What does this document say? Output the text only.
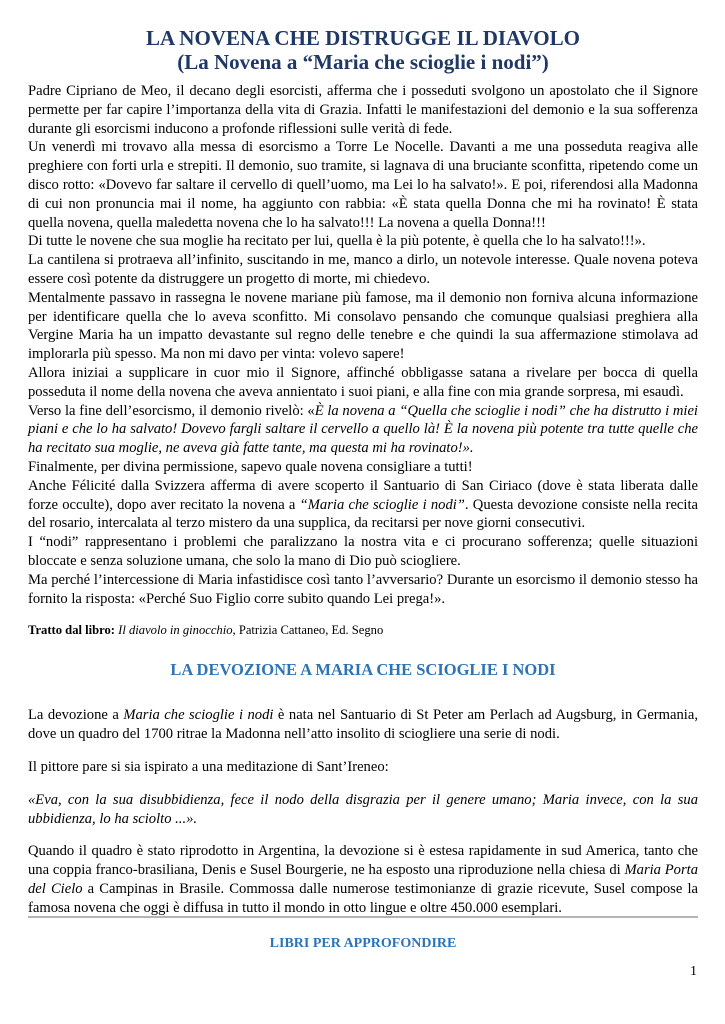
LA NOVENA CHE DISTRUGGE IL DIAVOLO
(La Novena a “Maria che scioglie i nodi”)

Padre Cipriano de Meo, il decano degli esorcisti, afferma che i posseduti svolgono un apostolato che il Signore permette per far capire l’importanza della vita di Grazia. Infatti le manifestazioni del demonio e la sua sofferenza durante gli esorcismi inducono a profonde riflessioni sulle verità di fede.

Un venerdì mi trovavo alla messa di esorcismo a Torre Le Nocelle. Davanti a me una posseduta reagiva alle preghiere con forti urla e strepiti. Il demonio, suo tramite, si lagnava di una bruciante sconfitta, ripetendo come un disco rotto: «Dovevo far saltare il cervello di quell’uomo, ma Lei lo ha salvato!». E poi, riferendosi alla Madonna di cui non pronuncia mai il nome, ha aggiunto con rabbia: «È stata quella Donna che mi ha rovinato! È stata quella novena, quella maledetta novena che lo ha salvato!!! La novena a quella Donna!!!

Di tutte le novene che sua moglie ha recitato per lui, quella è la più potente, è quella che lo ha salvato!!!».

La cantilena si protraeva all’infinito, suscitando in me, manco a dirlo, un notevole interesse. Quale novena poteva essere così potente da distruggere un progetto di morte, mi chiedevo.

Mentalmente passavo in rassegna le novene mariane più famose, ma il demonio non forniva alcuna informazione per identificare quella che lo aveva sconfitto. Mi consolavo pensando che comunque qualsiasi preghiera alla Vergine Maria ha un impatto devastante sul regno delle tenebre e che quindi la sua affermazione stimolava ad implorarla più spesso. Ma non mi davo per vinta: volevo sapere!

Allora iniziai a supplicare in cuor mio il Signore, affinché obbligasse satana a rivelare per bocca di quella posseduta il nome della novena che aveva annientato i suoi piani, e alla fine con mia grande sorpresa, mi esaudì.

Verso la fine dell’esorcismo, il demonio rivelò: «È la novena a “Quella che scioglie i nodi” che ha distrutto i miei piani e che lo ha salvato! Dovevo fargli saltare il cervello a quello là! È la novena più potente tra tutte quelle che ha recitato sua moglie, ne aveva già fatte tante, ma questa mi ha rovinato!».

Finalmente, per divina permissione, sapevo quale novena consigliare a tutti!

Anche Félicité dalla Svizzera afferma di avere scoperto il Santuario di San Ciriaco (dove è stata liberata dalle forze occulte), dopo aver recitato la novena a “Maria che scioglie i nodi”. Questa devozione consiste nella recita del rosario, intercalata al terzo mistero da una supplica, da recitarsi per nove giorni consecutivi.

I “nodi” rappresentano i problemi che paralizzano la nostra vita e ci procurano sofferenza; quelle situazioni bloccate e senza soluzione umana, che solo la mano di Dio può sciogliere.

Ma perché l’intercessione di Maria infastidisce così tanto l’avversario? Durante un esorcismo il demonio stesso ha fornito la risposta: «Perché Suo Figlio corre subito quando Lei prega!».

Tratto dal libro: Il diavolo in ginocchio, Patrizia Cattaneo, Ed. Segno

LA DEVOZIONE A MARIA CHE SCIOGLIE I NODI

La devozione a Maria che scioglie i nodi è nata nel Santuario di St Peter am Perlach ad Augsburg, in Germania, dove un quadro del 1700 ritrae la Madonna nell’atto insolito di sciogliere una serie di nodi.

Il pittore pare si sia ispirato a una meditazione di Sant’Ireneo:

«Eva, con la sua disubbidienza, fece il nodo della disgrazia per il genere umano; Maria invece, con la sua ubbidienza, lo ha sciolto ...».

Quando il quadro è stato riprodotto in Argentina, la devozione si è estesa rapidamente in sud America, tanto che una coppia franco-brasiliana, Denis e Susel Bourgerie, ne ha esposto una riproduzione nella chiesa di Maria Porta del Cielo a Campinas in Brasile. Commossa dalle numerose testimonianze di grazie ricevute, Susel compose la famosa novena che oggi è diffusa in tutto il mondo in otto lingue e oltre 450.000 esemplari.

LIBRI PER APPROFONDIRE
1
